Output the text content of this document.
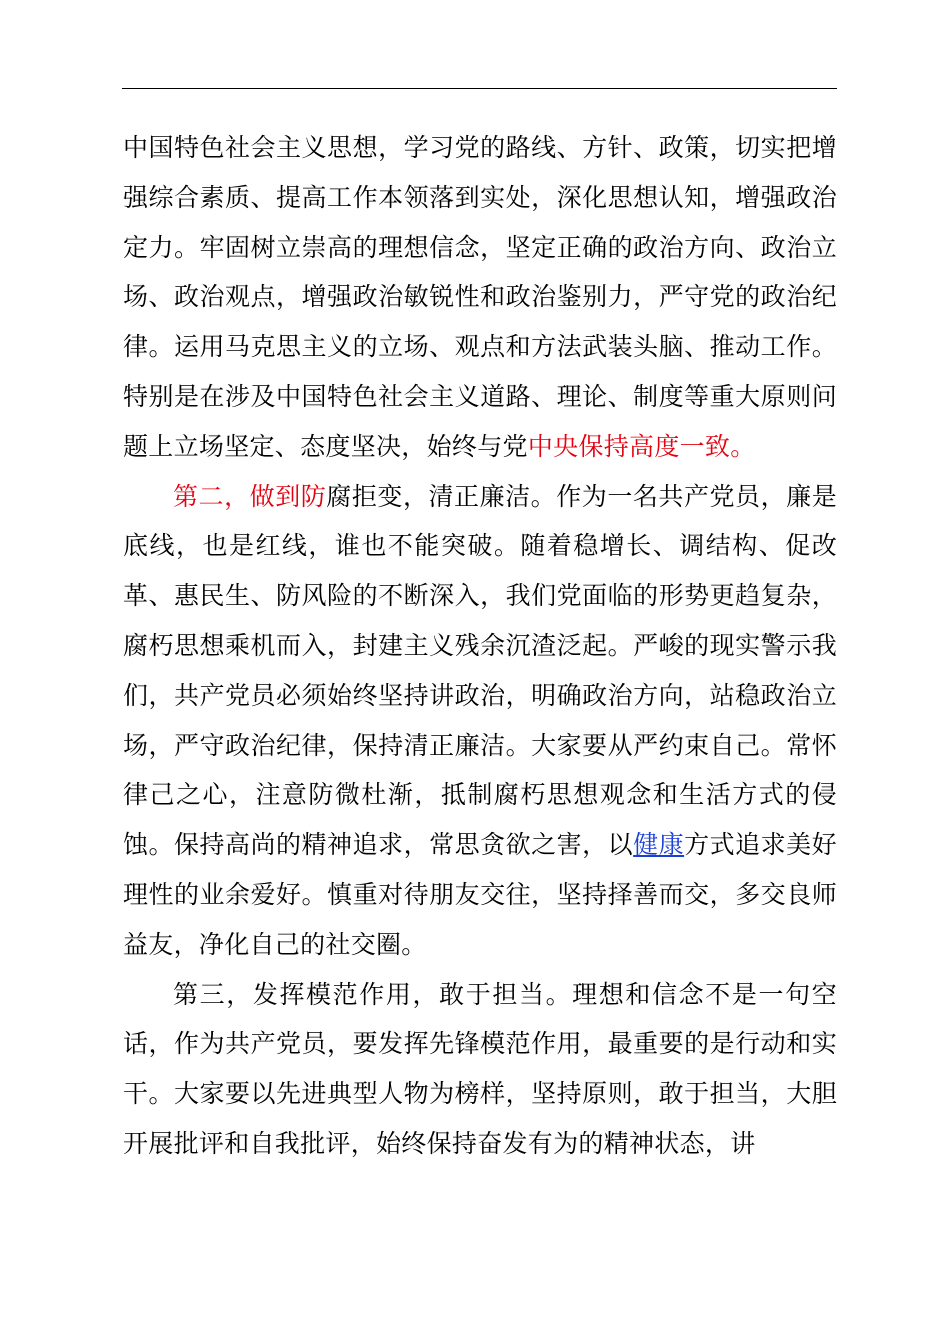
中国特色社会主义思想，学习党的路线、方针、政策，切实把增强综合素质、提高工作本领落到实处，深化思想认知，增强政治定力。牢固树立崇高的理想信念，坚定正确的政治方向、政治立场、政治观点，增强政治敏锐性和政治鉴别力，严守党的政治纪律。运用马克思主义的立场、观点和方法武装头脑、推动工作。特别是在涉及中国特色社会主义道路、理论、制度等重大原则问题上立场坚定、态度坚决，始终与党中央保持高度一致。

第二，做到防腐拒变，清正廉洁。作为一名共产党员，廉是底线，也是红线，谁也不能突破。随着稳增长、调结构、促改革、惠民生、防风险的不断深入，我们党面临的形势更趋复杂，腐朽思想乘机而入，封建主义残余沉渣泛起。严峻的现实警示我们，共产党员必须始终坚持讲政治，明确政治方向，站稳政治立场，严守政治纪律，保持清正廉洁。大家要从严约束自己。常怀律己之心，注意防微杜渐，抵制腐朽思想观念和生活方式的侵蚀。保持高尚的精神追求，常思贪欲之害，以健康方式追求美好理性的业余爱好。慎重对待朋友交往，坚持择善而交，多交良师益友，净化自己的社交圈。

第三，发挥模范作用，敢于担当。理想和信念不是一句空话，作为共产党员，要发挥先锋模范作用，最重要的是行动和实干。大家要以先进典型人物为榜样，坚持原则，敢于担当，大胆开展批评和自我批评，始终保持奋发有为的精神状态，讲
